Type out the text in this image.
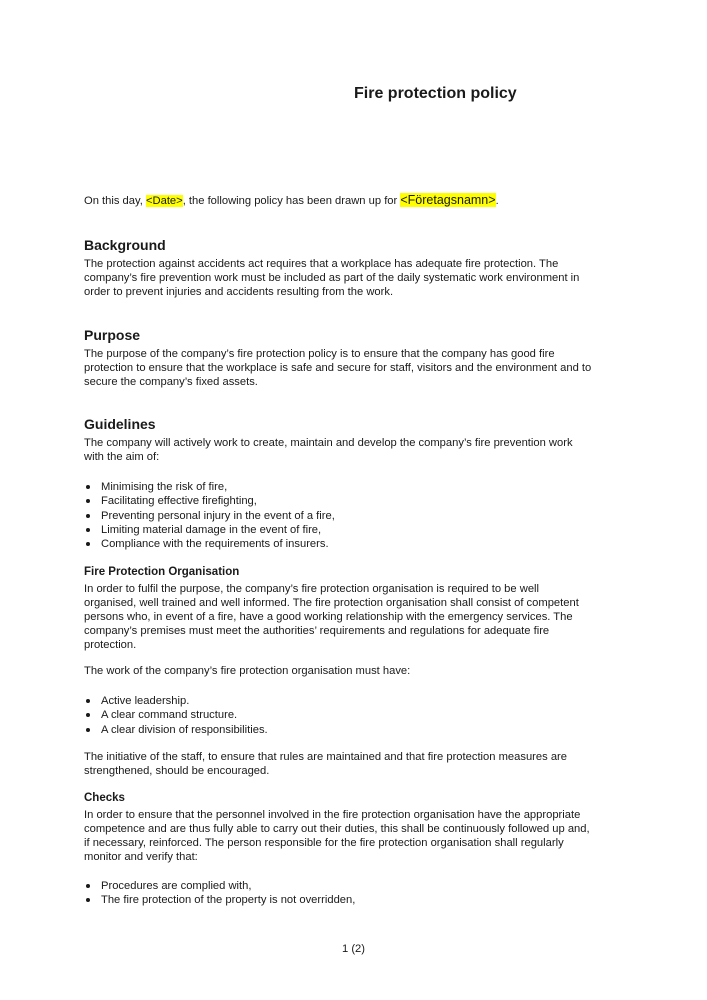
Fire protection policy
On this day, <Date>, the following policy has been drawn up for <Företagsnamn>.
Background
The protection against accidents act requires that a workplace has adequate fire protection. The
company’s fire prevention work must be included as part of the daily systematic work environment in
order to prevent injuries and accidents resulting from the work.
Purpose
The purpose of the company’s fire protection policy is to ensure that the company has good fire
protection to ensure that the workplace is safe and secure for staff, visitors and the environment and to
secure the company’s fixed assets.
Guidelines
The company will actively work to create, maintain and develop the company’s fire prevention work
with the aim of:
Minimising the risk of fire,
Facilitating effective firefighting,
Preventing personal injury in the event of a fire,
Limiting material damage in the event of fire,
Compliance with the requirements of insurers.
Fire Protection Organisation
In order to fulfil the purpose, the company’s fire protection organisation is required to be well
organised, well trained and well informed. The fire protection organisation shall consist of competent
persons who, in event of a fire, have a good working relationship with the emergency services. The
company’s premises must meet the authorities’ requirements and regulations for adequate fire
protection.
The work of the company’s fire protection organisation must have:
Active leadership.
A clear command structure.
A clear division of responsibilities.
The initiative of the staff, to ensure that rules are maintained and that fire protection measures are
strengthened, should be encouraged.
Checks
In order to ensure that the personnel involved in the fire protection organisation have the appropriate
competence and are thus fully able to carry out their duties, this shall be continuously followed up and,
if necessary, reinforced. The person responsible for the fire protection organisation shall regularly
monitor and verify that:
Procedures are complied with,
The fire protection of the property is not overridden,
1 (2)
